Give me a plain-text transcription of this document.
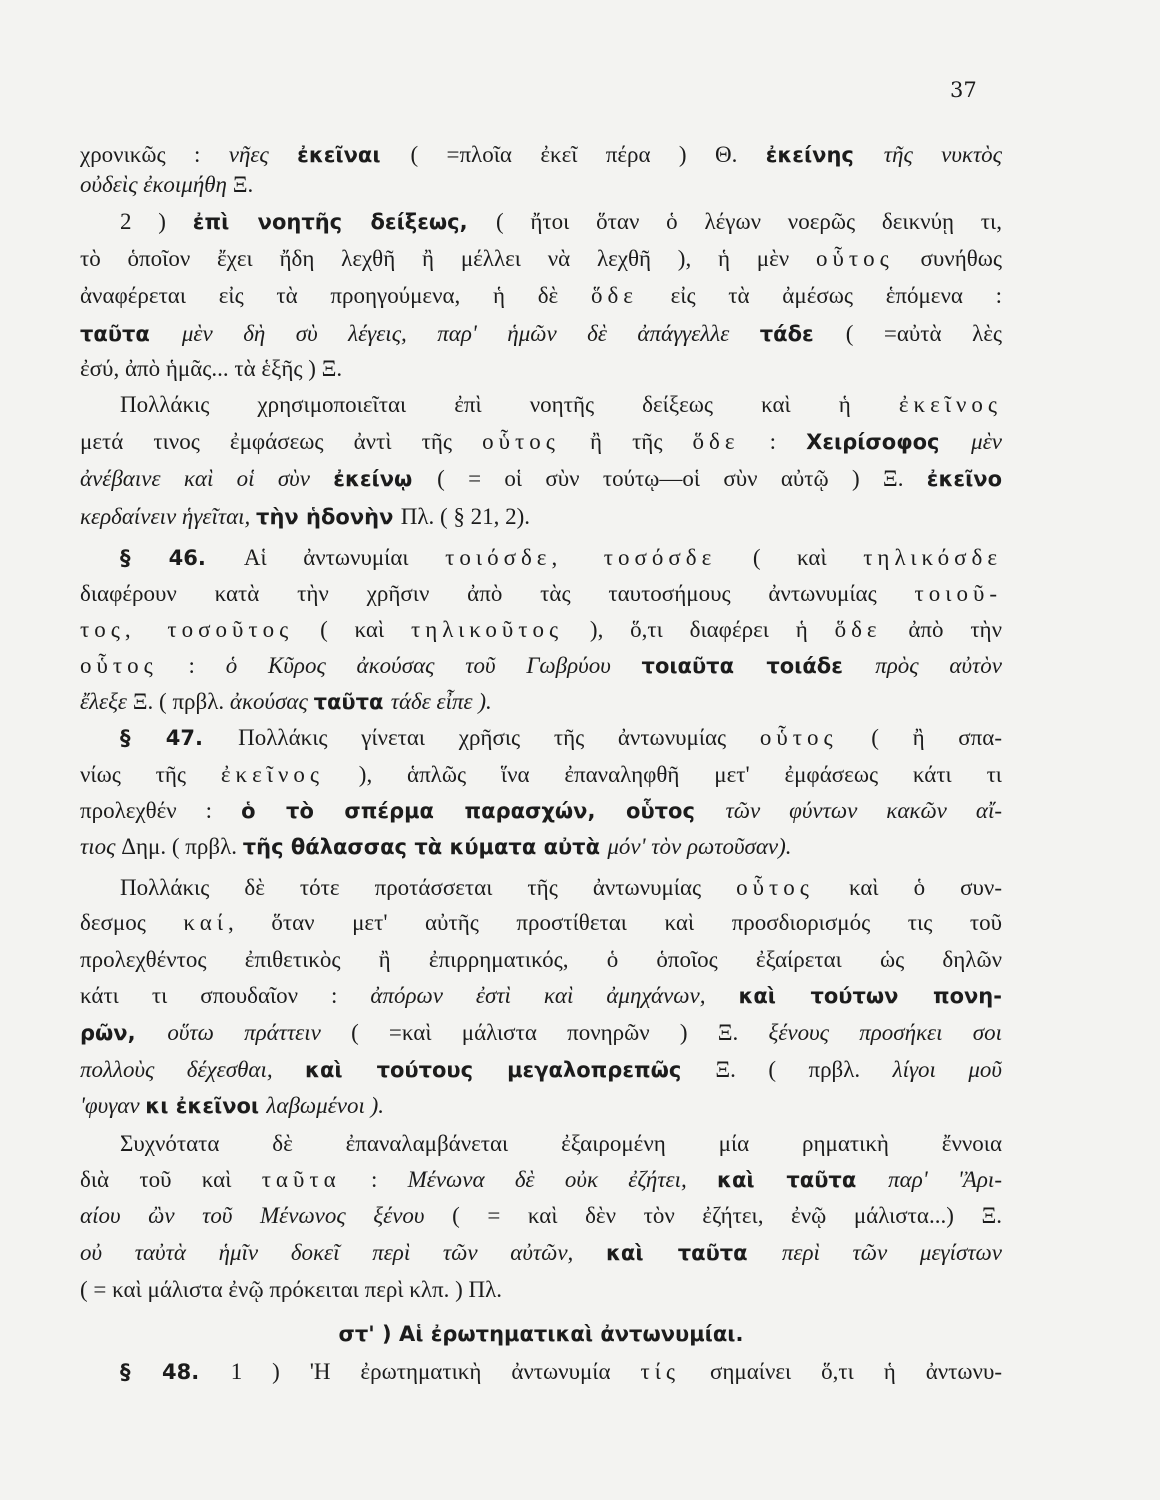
37
χρονικῶς : νῆες ἐκεῖναι ( =πλοῖα ἐκεῖ πέρα ) Θ. ἐκείνης τῆς νυκτὸς
οὐδεὶς ἐκοιμήθη Ξ.
2 ) ἐπὶ νοητῆς δείξεως, ( ἤτοι ὅταν ὁ λέγων νοερῶς δεικνύῃ τι,
τὸ ὁποῖον ἔχει ἤδη λεχθῆ ἢ μέλλει νὰ λεχθῆ ), ἡ μὲν οὗτος συνήθως
ἀναφέρεται εἰς τὰ προηγούμενα, ἡ δὲ ὅδε εἰς τὰ ἀμέσως ἑπόμενα :
ταῦτα μὲν δὴ σὺ λέγεις, παρ' ἡμῶν δὲ ἀπάγγελλε τάδε ( =αὐτὰ λὲς
ἐσύ, ἀπὸ ἡμᾶς... τὰ ἑξῆς ) Ξ.
Πολλάκις χρησιμοποιεῖται ἐπὶ νοητῆς δείξεως καὶ ἡ ἐκεῖνος
μετά τινος ἐμφάσεως ἀντὶ τῆς οὗτος ἢ τῆς ὅδε : Χειρίσοφος μὲν
ἀνέβαινε καὶ οἱ σὺν ἐκείνῳ ( = οἱ σὺν τούτῳ—οἱ σὺν αὐτῷ ) Ξ. ἐκεῖνο
κερδαίνειν ἡγεῖται, τὴν ἡδονὴν Πλ. ( § 21, 2).
§ 46. Αἱ ἀντωνυμίαι τοιόσδε, τοσόσδε ( καὶ τηλικόσδε
διαφέρουν κατὰ τὴν χρῆσιν ἀπὸ τὰς ταυτοσήμους ἀντωνυμίας τοιοῦ-
τος, τοσοῦτος ( καὶ τηλικοῦτος ), ὅ,τι διαφέρει ἡ ὅδε ἀπὸ τὴν
οὗτος : ὁ Κῦρος ἀκούσας τοῦ Γωβρύου τοιαῦτα τοιάδε πρὸς αὐτὸν
ἔλεξε Ξ. ( πρβλ. ἀκούσας ταῦτα τάδε εἶπε ).
§ 47. Πολλάκις γίνεται χρῆσις τῆς ἀντωνυμίας οὗτος ( ἢ σπα-
νίως τῆς ἐκεῖνος ), ἁπλῶς ἵνα ἐπαναληφθῆ μετ' ἐμφάσεως κάτι τι
προλεχθέν : ὁ τὸ σπέρμα παρασχών, οὗτος τῶν φύντων κακῶν αἴ-
τιος Δημ. ( πρβλ. τῆς θάλασσας τὰ κύματα αὐτὰ μόν' τὸν ρωτοῦσαν).
Πολλάκις δὲ τότε προτάσσεται τῆς ἀντωνυμίας οὗτος καὶ ὁ συν-
δεσμος καί, ὅταν μετ' αὐτῆς προστίθεται καὶ προσδιορισμός τις τοῦ
προλεχθέντος ἐπιθετικὸς ἢ ἐπιρρηματικός, ὁ ὁποῖος ἐξαίρεται ὡς δηλῶν
κάτι τι σπουδαῖον : ἀπόρων ἐστὶ καὶ ἀμηχάνων, καὶ τούτων πονη-
ρῶν, οὕτω πράττειν ( =καὶ μάλιστα πονηρῶν ) Ξ. ξένους προσήκει σοι
πολλοὺς δέχεσθαι, καὶ τούτους μεγαλοπρεπῶς Ξ. ( πρβλ. λίγοι μοῦ
'φυγαν κι ἐκεῖνοι λαβωμένοι ).
Συχνότατα δὲ ἐπαναλαμβάνεται ἐξαιρομένη μία ρηματικὴ ἔννοια
διὰ τοῦ καὶ ταῦτα : Μένωνα δὲ οὐκ ἐζήτει, καὶ ταῦτα παρ' 'Ἀρι-
αίου ὢν τοῦ Μένωνος ξένου ( = καὶ δὲν τὸν ἐζήτει, ἐνῷ μάλιστα...) Ξ.
οὐ ταὐτὰ ἡμῖν δοκεῖ περὶ τῶν αὐτῶν, καὶ ταῦτα περὶ τῶν μεγίστων
( = καὶ μάλιστα ἐνῷ πρόκειται περὶ κλπ. ) Πλ.
στ' ) Αἱ ἐρωτηματικαὶ ἀντωνυμίαι.
§ 48. 1 ) 'Η ἐρωτηματικὴ ἀντωνυμία τίς σημαίνει ὅ,τι ἡ ἀντωνυ-
